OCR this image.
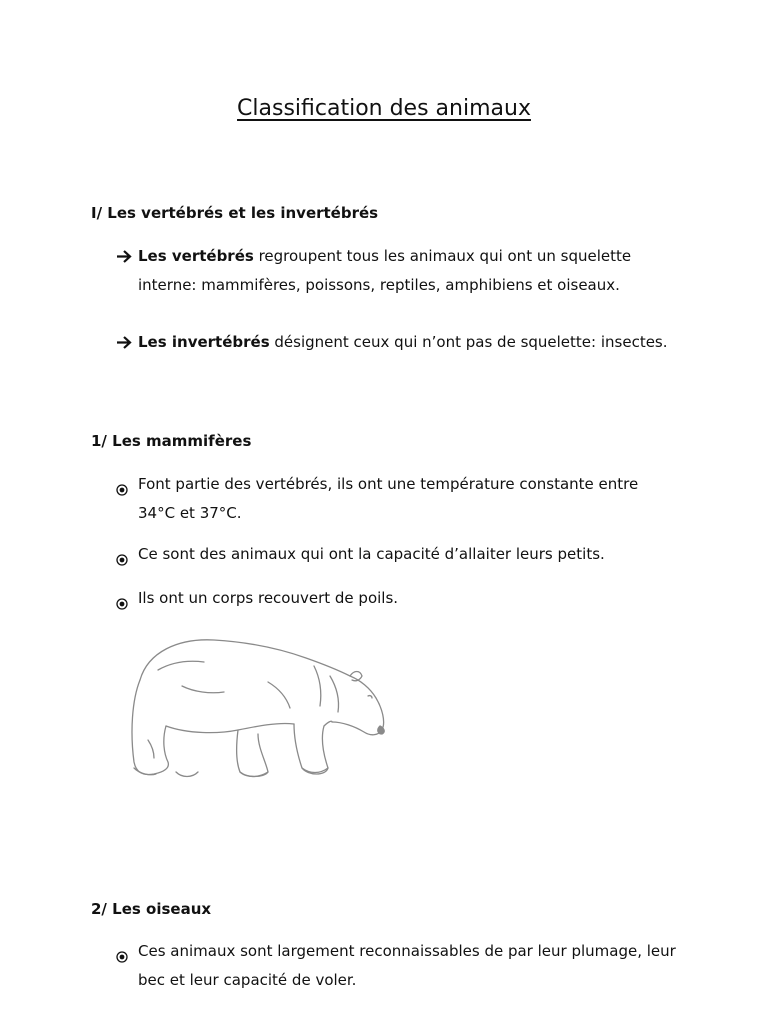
Classification des animaux
I/ Les vertébrés et les invertébrés
Les vertébrés regroupent tous les animaux qui ont un squelette interne: mammifères, poissons, reptiles, amphibiens et oiseaux.
Les invertébrés désignent ceux qui n’ont pas de squelette: insectes.
1/ Les mammifères
Font partie des vertébrés, ils ont une température constante entre 34°C et 37°C.
Ce sont des animaux qui ont la capacité d’allaiter leurs petits.
Ils ont un corps recouvert de poils.
2/ Les oiseaux
Ces animaux sont largement reconnaissables de par leur plumage, leur bec et leur capacité de voler.
